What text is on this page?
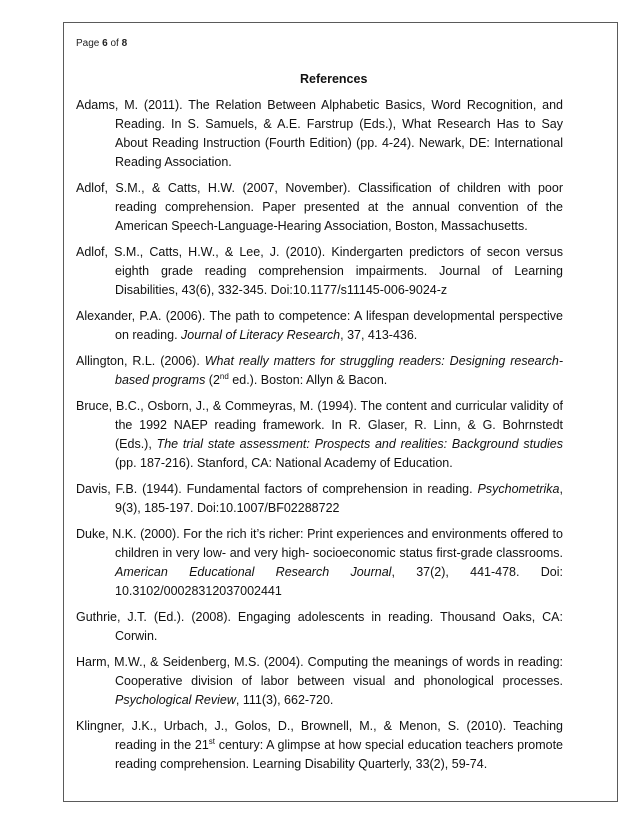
Page 6 of 8
References

Adams, M. (2011). The Relation Between Alphabetic Basics, Word Recognition, and Reading. In S. Samuels, & A.E. Farstrup (Eds.), What Research Has to Say About Reading Instruction (Fourth Edition) (pp. 4-24). Newark, DE: International Reading Association.

Adlof, S.M., & Catts, H.W. (2007, November). Classification of children with poor reading comprehension. Paper presented at the annual convention of the American Speech-Language-Hearing Association, Boston, Massachusetts.

Adlof, S.M., Catts, H.W., & Lee, J. (2010). Kindergarten predictors of secon versus eighth grade reading comprehension impairments. Journal of Learning Disabilities, 43(6), 332-345. Doi:10.1177/s11145-006-9024-z

Alexander, P.A. (2006). The path to competence: A lifespan developmental perspective on reading. Journal of Literacy Research, 37, 413-436.

Allington, R.L. (2006). What really matters for struggling readers: Designing research-based programs (2nd ed.). Boston: Allyn & Bacon.

Bruce, B.C., Osborn, J., & Commeyras, M. (1994). The content and curricular validity of the 1992 NAEP reading framework. In R. Glaser, R. Linn, & G. Bohrnstedt (Eds.), The trial state assessment: Prospects and realities: Background studies (pp. 187-216). Stanford, CA: National Academy of Education.

Davis, F.B. (1944). Fundamental factors of comprehension in reading. Psychometrika, 9(3), 185-197. Doi:10.1007/BF02288722

Duke, N.K. (2000). For the rich it’s richer: Print experiences and environments offered to children in very low- and very high- socioeconomic status first-grade classrooms. American Educational Research Journal, 37(2), 441-478. Doi: 10.3102/00028312037002441

Guthrie, J.T. (Ed.). (2008). Engaging adolescents in reading. Thousand Oaks, CA: Corwin.

Harm, M.W., & Seidenberg, M.S. (2004). Computing the meanings of words in reading: Cooperative division of labor between visual and phonological processes. Psychological Review, 111(3), 662-720.

Klingner, J.K., Urbach, J., Golos, D., Brownell, M., & Menon, S. (2010). Teaching reading in the 21st century: A glimpse at how special education teachers promote reading comprehension. Learning Disability Quarterly, 33(2), 59-74.
